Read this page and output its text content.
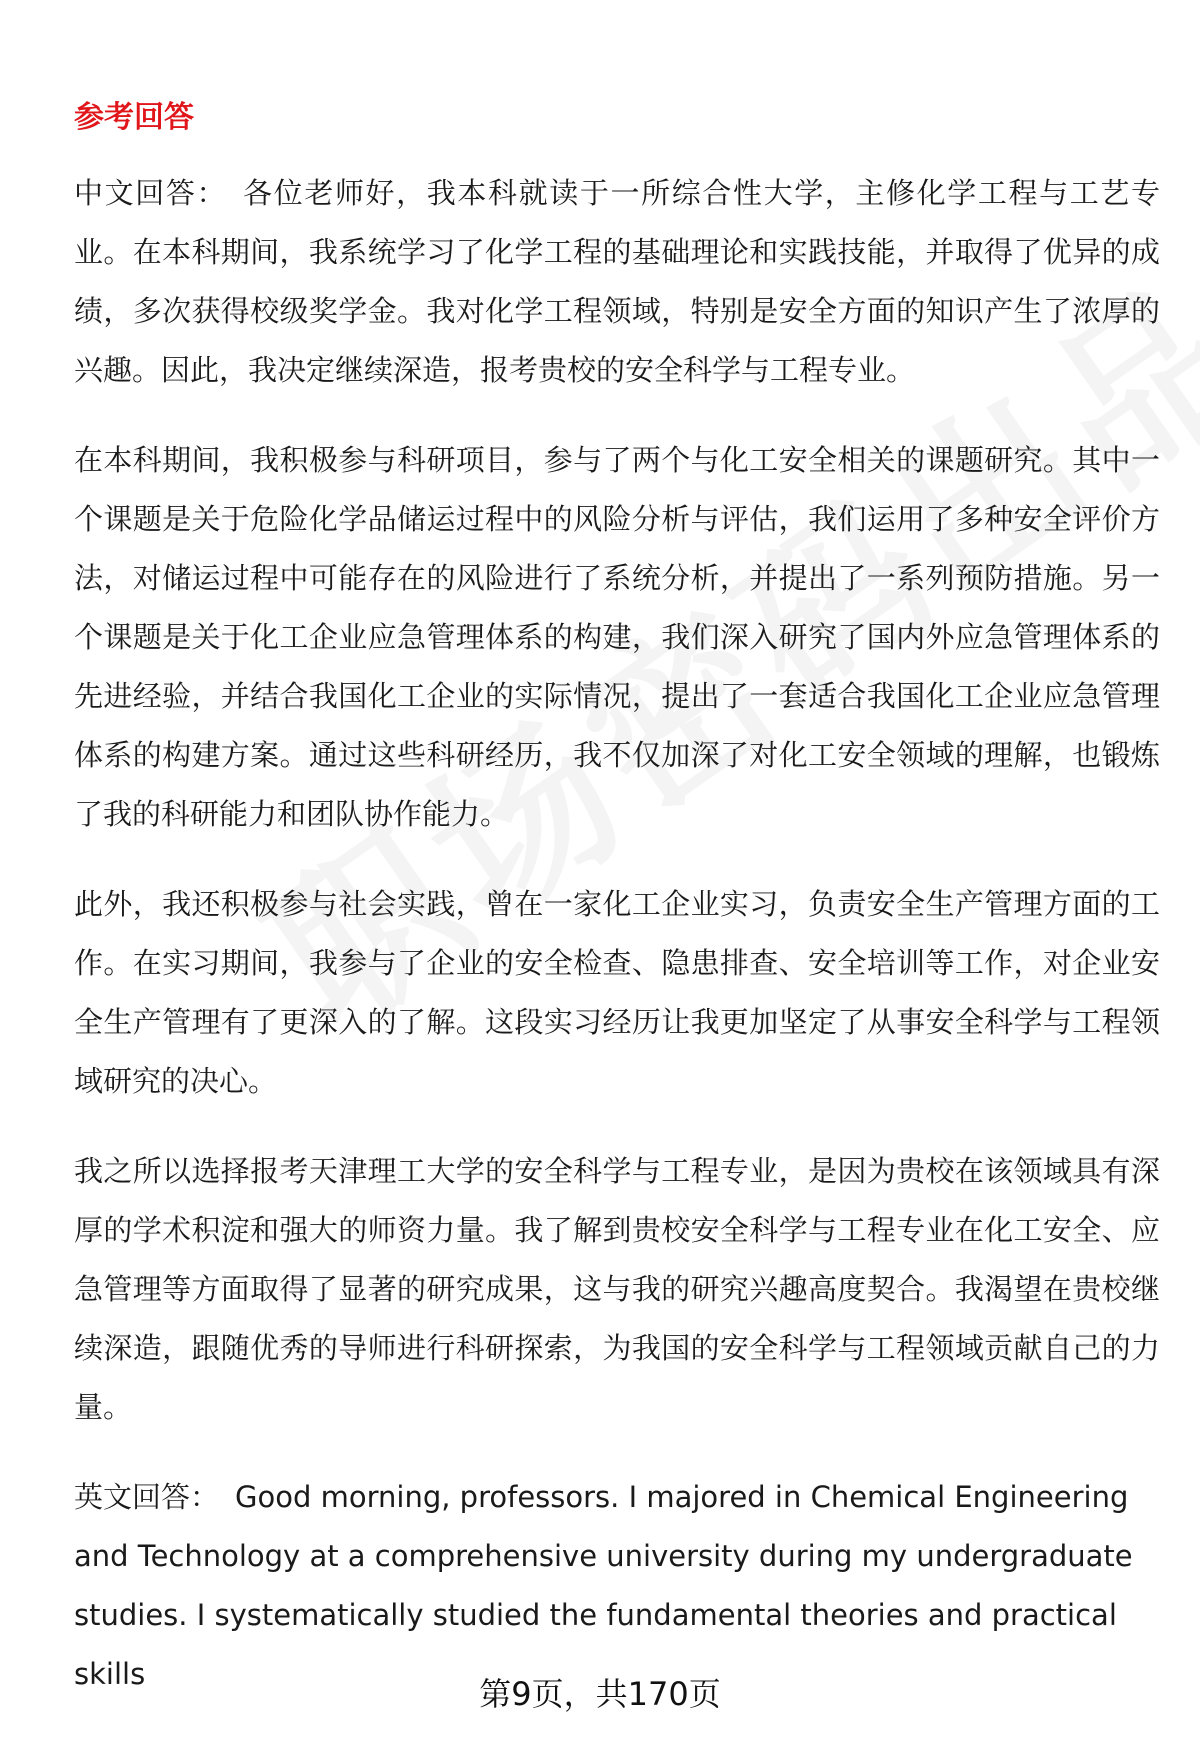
参考回答

中文回答： 各位老师好，我本科就读于一所综合性大学，主修化学工程与工艺专业。在本科期间，我系统学习了化学工程的基础理论和实践技能，并取得了优异的成绩，多次获得校级奖学金。我对化学工程领域，特别是安全方面的知识产生了浓厚的兴趣。因此，我决定继续深造，报考贵校的安全科学与工程专业。

在本科期间，我积极参与科研项目，参与了两个与化工安全相关的课题研究。其中一个课题是关于危险化学品储运过程中的风险分析与评估，我们运用了多种安全评价方法，对储运过程中可能存在的风险进行了系统分析，并提出了一系列预防措施。另一个课题是关于化工企业应急管理体系的构建，我们深入研究了国内外应急管理体系的先进经验，并结合我国化工企业的实际情况，提出了一套适合我国化工企业应急管理体系的构建方案。通过这些科研经历，我不仅加深了对化工安全领域的理解，也锻炼了我的科研能力和团队协作能力。

此外，我还积极参与社会实践，曾在一家化工企业实习，负责安全生产管理方面的工作。在实习期间，我参与了企业的安全检查、隐患排查、安全培训等工作，对企业安全生产管理有了更深入的了解。这段实习经历让我更加坚定了从事安全科学与工程领域研究的决心。

我之所以选择报考天津理工大学的安全科学与工程专业，是因为贵校在该领域具有深厚的学术积淀和强大的师资力量。我了解到贵校安全科学与工程专业在化工安全、应急管理等方面取得了显著的研究成果，这与我的研究兴趣高度契合。我渴望在贵校继续深造，跟随优秀的导师进行科研探索，为我国的安全科学与工程领域贡献自己的力量。

英文回答： Good morning, professors. I majored in Chemical Engineering and Technology at a comprehensive university during my undergraduate studies. I systematically studied the fundamental theories and practical skills

第9页，共170页
